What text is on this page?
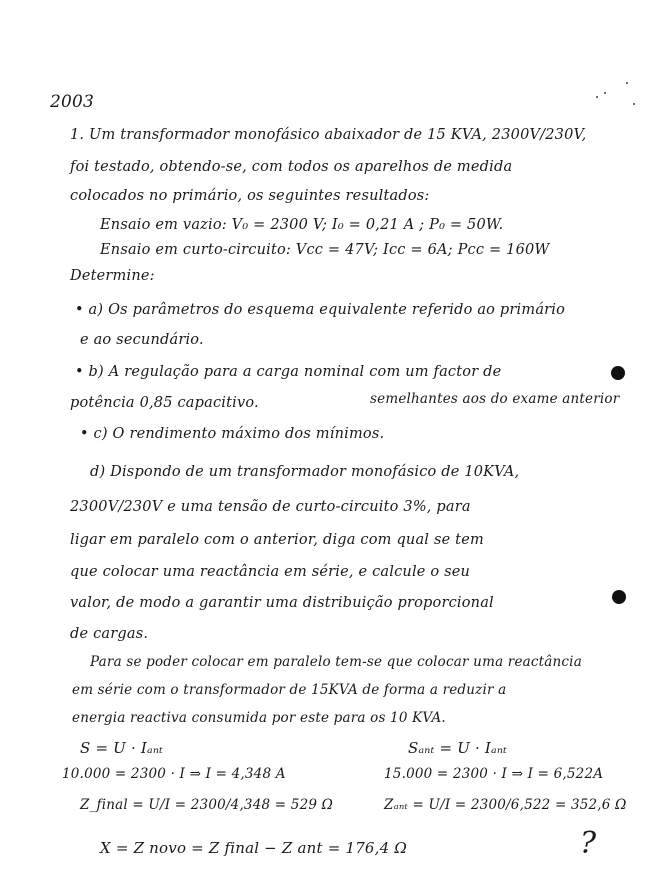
2003
1. Um transformador monofásico abaixador de 15 KVA, 2300V/230V,
foi testado, obtendo-se, com todos os aparelhos de medida
colocados no primário, os seguintes resultados:
Ensaio em vazio: V₀ = 2300 V; I₀ = 0,21 A ; P₀ = 50W.
Ensaio em curto-circuito: Vcc = 47V; Icc = 6A; Pcc = 160W
Determine:
• a) Os parâmetros do esquema equivalente referido ao primário
e ao secundário.
• b) A regulação para a carga nominal com um factor de
potência 0,85 capacitivo.	semelhantes aos do exame anterior
• c) O rendimento máximo dos mínimos.
d) Dispondo de um transformador monofásico de 10KVA,
2300V/230V e uma tensão de curto-circuito 3%, para
ligar em paralelo com o anterior, diga com qual se tem
que colocar uma reactância em série, e calcule o seu
valor, de modo a garantir uma distribuição proporcional
de cargas.
Para se poder colocar em paralelo tem-se que colocar uma reactância
em série com o transformador de 15KVA de forma a reduzir a
energia reactiva consumida por este para os 10 KVA.
S = U · Iₐₙₜ
10.000 = 2300 · I ⇒ I = 4,348 A
Z_final = U/I = 2300/4,348 = 529 Ω
Sₐₙₜ = U · Iₐₙₜ
15.000 = 2300 · I ⇒ I = 6,522A
Zₐₙₜ = U/I = 2300/6,522 = 352,6 Ω
X = Z novo = Z final − Z ant = 176,4 Ω	?
